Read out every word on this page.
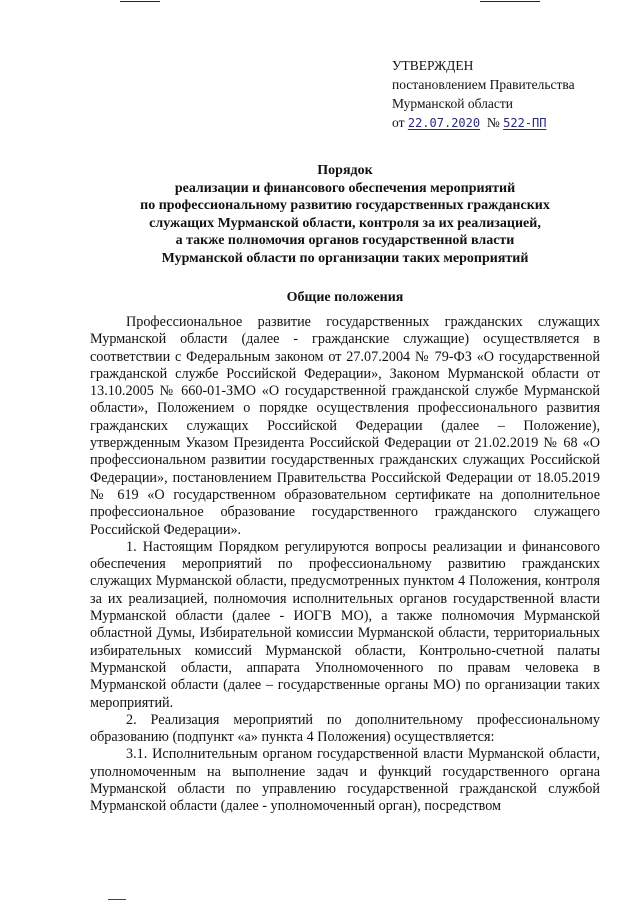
УТВЕРЖДЕН
постановлением Правительства
Мурманской области
от 22.07.2020 № 522-ПП
Порядок
реализации и финансового обеспечения мероприятий
по профессиональному развитию государственных гражданских
служащих Мурманской области, контроля за их реализацией,
а также полномочия органов государственной власти
Мурманской области по организации таких мероприятий
Общие положения

Профессиональное развитие государственных гражданских служащих Мурманской области (далее - гражданские служащие) осуществляется в соответствии с Федеральным законом от 27.07.2004 № 79-ФЗ «О государственной гражданской службе Российской Федерации», Законом Мурманской области от 13.10.2005 № 660-01-ЗМО «О государственной гражданской службе Мурманской области», Положением о порядке осуществления профессионального развития гражданских служащих Российской Федерации (далее – Положение), утвержденным Указом Президента Российской Федерации от 21.02.2019 № 68 «О профессиональном развитии государственных гражданских служащих Российской Федерации», постановлением Правительства Российской Федерации от 18.05.2019 № 619 «О государственном образовательном сертификате на дополнительное профессиональное образование государственного гражданского служащего Российской Федерации».

1. Настоящим Порядком регулируются вопросы реализации и финансового обеспечения мероприятий по профессиональному развитию гражданских служащих Мурманской области, предусмотренных пунктом 4 Положения, контроля за их реализацией, полномочия исполнительных органов государственной власти Мурманской области (далее - ИОГВ МО), а также полномочия Мурманской областной Думы, Избирательной комиссии Мурманской области, территориальных избирательных комиссий Мурманской области, Контрольно-счетной палаты Мурманской области, аппарата Уполномоченного по правам человека в Мурманской области (далее – государственные органы МО) по организации таких мероприятий.

2. Реализация мероприятий по дополнительному профессиональному образованию (подпункт «а» пункта 4 Положения) осуществляется:

3.1. Исполнительным органом государственной власти Мурманской области, уполномоченным на выполнение задач и функций государственного органа Мурманской области по управлению государственной гражданской службой Мурманской области (далее - уполномоченный орган), посредством
